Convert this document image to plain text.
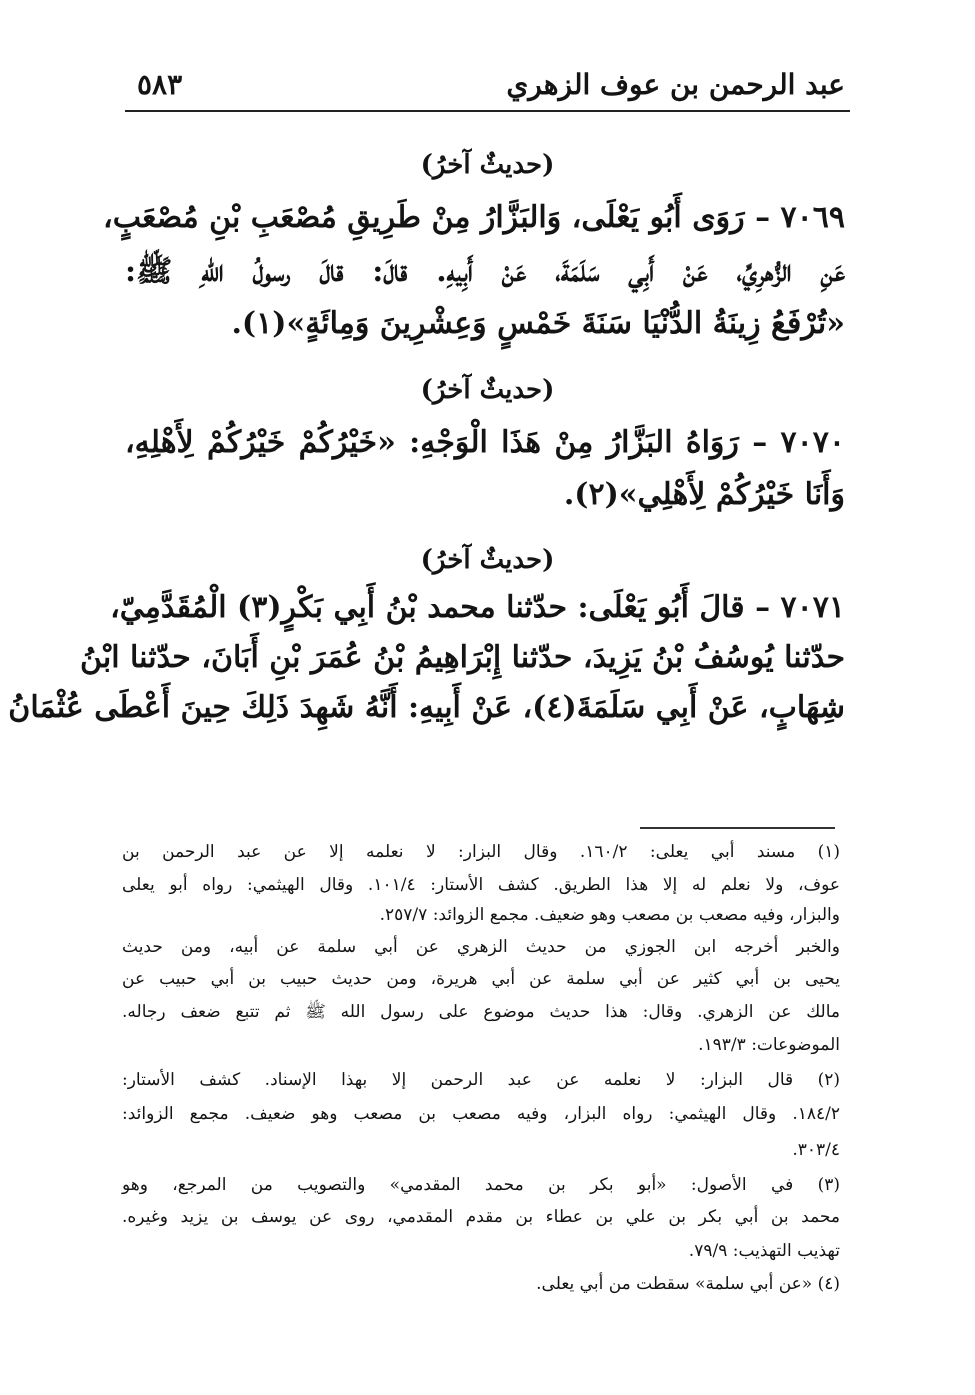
عبد الرحمن بن عوف الزهري
٥٨٣
(حديثٌ آخرُ)
٧٠٦٩ – رَوَى أَبُو يَعْلَى، وَالبَزَّارُ مِنْ طَرِيقِ مُصْعَبِ بْنِ مُصْعَبٍ،
عَنِ الزُّهرِيِّ، عَنْ أَبِي سَلَمَةَ، عَنْ أَبِيهِ. قالَ: قالَ رسولُ اللهِ ﷺ:
«تُرْفَعُ زِينَةُ الدُّنْيَا سَنَةَ خَمْسٍ وَعِشْرِينَ وَمِائَةٍ»(١).
(حديثٌ آخرُ)
٧٠٧٠ – رَوَاهُ البَزَّارُ مِنْ هَذَا الْوَجْهِ: «خَيْرُكُمْ خَيْرُكُمْ لِأَهْلِهِ،
وَأَنَا خَيْرُكُمْ لِأَهْلِي»(٢).
(حديثٌ آخرُ)
٧٠٧١ – قالَ أَبُو يَعْلَى: حدّثنا محمد بْنُ أَبِي بَكْرٍ(٣) الْمُقَدَّمِيّ،
حدّثنا يُوسُفُ بْنُ يَزِيدَ، حدّثنا إِبْرَاهِيمُ بْنُ عُمَرَ بْنِ أَبَانَ، حدّثنا ابْنُ
شِهَابٍ، عَنْ أَبِي سَلَمَةَ(٤)، عَنْ أَبِيهِ: أَنَّهُ شَهِدَ ذَلِكَ حِينَ أَعْطَى عُثْمَانُ
(١) مسند أبي يعلى: ١٦٠/٢. وقال البزار: لا نعلمه إلا عن عبد الرحمن بن
عوف، ولا نعلم له إلا هذا الطريق. كشف الأستار: ١٠١/٤. وقال الهيثمي: رواه أبو يعلى
والبزار، وفيه مصعب بن مصعب وهو ضعيف. مجمع الزوائد: ٢٥٧/٧.
والخبر أخرجه ابن الجوزي من حديث الزهري عن أبي سلمة عن أبيه، ومن حديث
يحيى بن أبي كثير عن أبي سلمة عن أبي هريرة، ومن حديث حبيب بن أبي حبيب عن
مالك عن الزهري. وقال: هذا حديث موضوع على رسول الله ﷺ ثم تتبع ضعف رجاله.
الموضوعات: ١٩٣/٣.
(٢) قال البزار: لا نعلمه عن عبد الرحمن إلا بهذا الإسناد. كشف الأستار:
١٨٤/٢. وقال الهيثمي: رواه البزار، وفيه مصعب بن مصعب وهو ضعيف. مجمع الزوائد:
٣٠٣/٤.
(٣) في الأصول: «أبو بكر بن محمد المقدمي» والتصويب من المرجع، وهو
محمد بن أبي بكر بن علي بن عطاء بن مقدم المقدمي، روى عن يوسف بن يزيد وغيره.
تهذيب التهذيب: ٧٩/٩.
(٤) «عن أبي سلمة» سقطت من أبي يعلى.
